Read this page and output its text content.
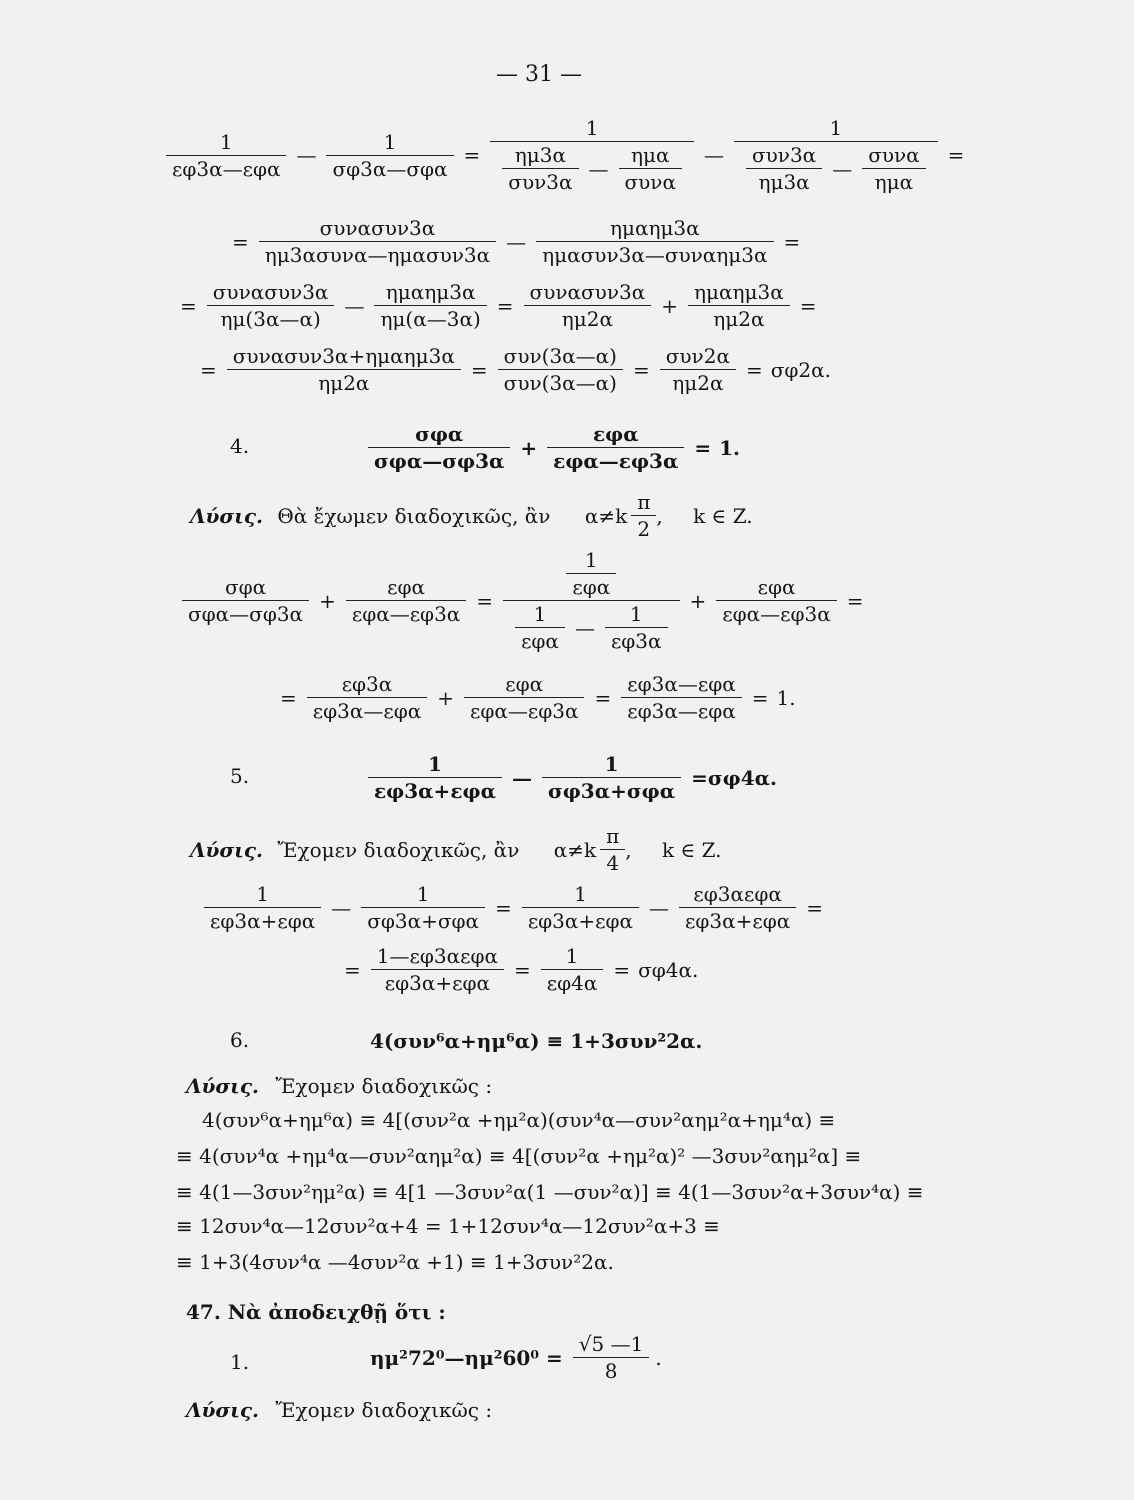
— 31 —
1
εφ3α—εφα
—
1
σφ3α—σφα
=
1
ημ3α
συν3α
—
ημα
συνα
—
1
συν3α
ημ3α
—
συνα
ημα
=
=
συνασυν3α
ημ3ασυνα—ημασυν3α
—
ημαημ3α
ημασυν3α—συναημ3α
=
=
συνασυν3α
ημ(3α—α)
—
ημαημ3α
ημ(α—3α)
=
συνασυν3α
ημ2α
+
ημαημ3α
ημ2α
=
=
συνασυν3α+ημαημ3α
ημ2α
=
συν(3α—α)
συν(3α—α)
=
συν2α
ημ2α
= σφ2α.
4.	σφα
σφα—σφ3α
+
εφα
εφα—εφ3α
= 1.
Λύσις. Θὰ ἔχωμεν διαδοχικῶς, ἂν $\alpha\ne k \frac{\pi}{2}$ , k ∈ Z.
σφα
σφα—σφ3α
+
εφα
εφα—εφ3α
=
1
εφα
1
εφα
— $\frac{1}{\varepsilon\varphi 3\alpha}$
+
εφα
εφα—εφ3α
=
=
εφ3α
εφ3α—εφα
+
εφα
εφα—εφ3α
=
εφ3α—εφα
εφ3α—εφα
= 1.
5.	1
εφ3α+εφα
—
1
σφ3α+σφα
=σφ4α.
Λύσις. Ἔχομεν διαδοχικῶς, ἂν $\alpha\ne k \frac{\pi}{4}$ , k ∈ Z.
1
εφ3α+εφα
—
1
σφ3α+σφα
=
1
εφ3α+εφα
—
εφ3αεφα
εφ3α+εφα
=
=
1—εφ3αεφα
εφ3α+εφα
= $\frac{1}{\varepsilon\varphi 4\alpha} = \sigma\varphi 4\alpha$.
6.	4(συν⁶α+ημ⁶α) ≡ 1+3συν²2α.
Λύσις. Ἔχομεν διαδοχικῶς :
4(συν⁶α+ημ⁶α) ≡ 4[(συν²α +ημ²α)(συν⁴α—συν²αημ²α+ημ⁴α) ≡
≡ 4(συν⁴α +ημ⁴α—συν²αημ²α) ≡ 4[(συν²α +ημ²α)² —3συν²αημ²α] ≡
≡ 4(1—3συν²ημ²α) ≡ 4[1 —3συν²α(1 —συν²α)] ≡ 4(1—3συν²α+3συν⁴α) ≡
≡ 12συν⁴α—12συν²α+4 = 1+12συν⁴α—12συν²α+3 ≡
≡ 1+3(4συν⁴α —4συν²α +1) ≡ 1+3συν²2α.
47. Νὰ ἀποδειχθῇ ὅτι :
1.	ημ²72⁰—ημ²60⁰ = $\frac{√5 —1}{8}$ .
Λύσις. Ἔχομεν διαδοχικῶς :
